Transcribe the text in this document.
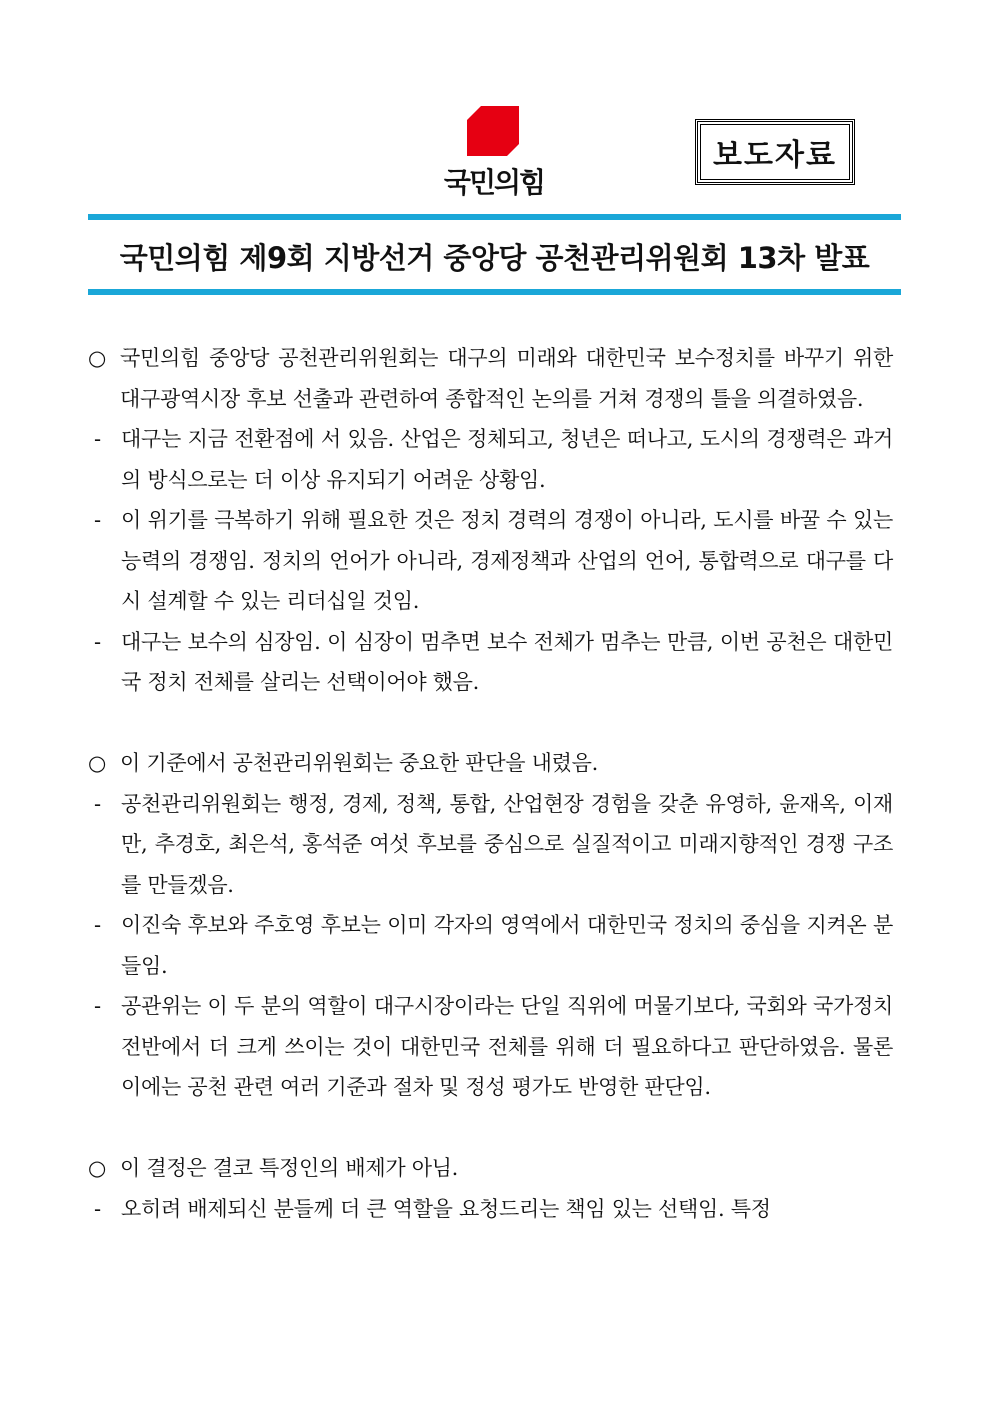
국민의힘
보도자료
국민의힘 제9회 지방선거 중앙당 공천관리위원회 13차 발표
○ 국민의힘 중앙당 공천관리위원회는 대구의 미래와 대한민국 보수정치를 바꾸기 위한 대구광역시장 후보 선출과 관련하여 종합적인 논의를 거쳐 경쟁의 틀을 의결하였음.
- 대구는 지금 전환점에 서 있음. 산업은 정체되고, 청년은 떠나고, 도시의 경쟁력은 과거의 방식으로는 더 이상 유지되기 어려운 상황임.
- 이 위기를 극복하기 위해 필요한 것은 정치 경력의 경쟁이 아니라, 도시를 바꿀 수 있는 능력의 경쟁임. 정치의 언어가 아니라, 경제정책과 산업의 언어, 통합력으로 대구를 다시 설계할 수 있는 리더십일 것임.
- 대구는 보수의 심장임. 이 심장이 멈추면 보수 전체가 멈추는 만큼, 이번 공천은 대한민국 정치 전체를 살리는 선택이어야 했음.
○ 이 기준에서 공천관리위원회는 중요한 판단을 내렸음.
- 공천관리위원회는 행정, 경제, 정책, 통합, 산업현장 경험을 갖춘 유영하, 윤재옥, 이재만, 추경호, 최은석, 홍석준 여섯 후보를 중심으로 실질적이고 미래지향적인 경쟁 구조를 만들겠음.
- 이진숙 후보와 주호영 후보는 이미 각자의 영역에서 대한민국 정치의 중심을 지켜온 분들임.
- 공관위는 이 두 분의 역할이 대구시장이라는 단일 직위에 머물기보다, 국회와 국가정치 전반에서 더 크게 쓰이는 것이 대한민국 전체를 위해 더 필요하다고 판단하였음. 물론 이에는 공천 관련 여러 기준과 절차 및 정성 평가도 반영한 판단임.
○ 이 결정은 결코 특정인의 배제가 아님.
- 오히려 배제되신 분들께 더 큰 역할을 요청드리는 책임 있는 선택임. 특정
